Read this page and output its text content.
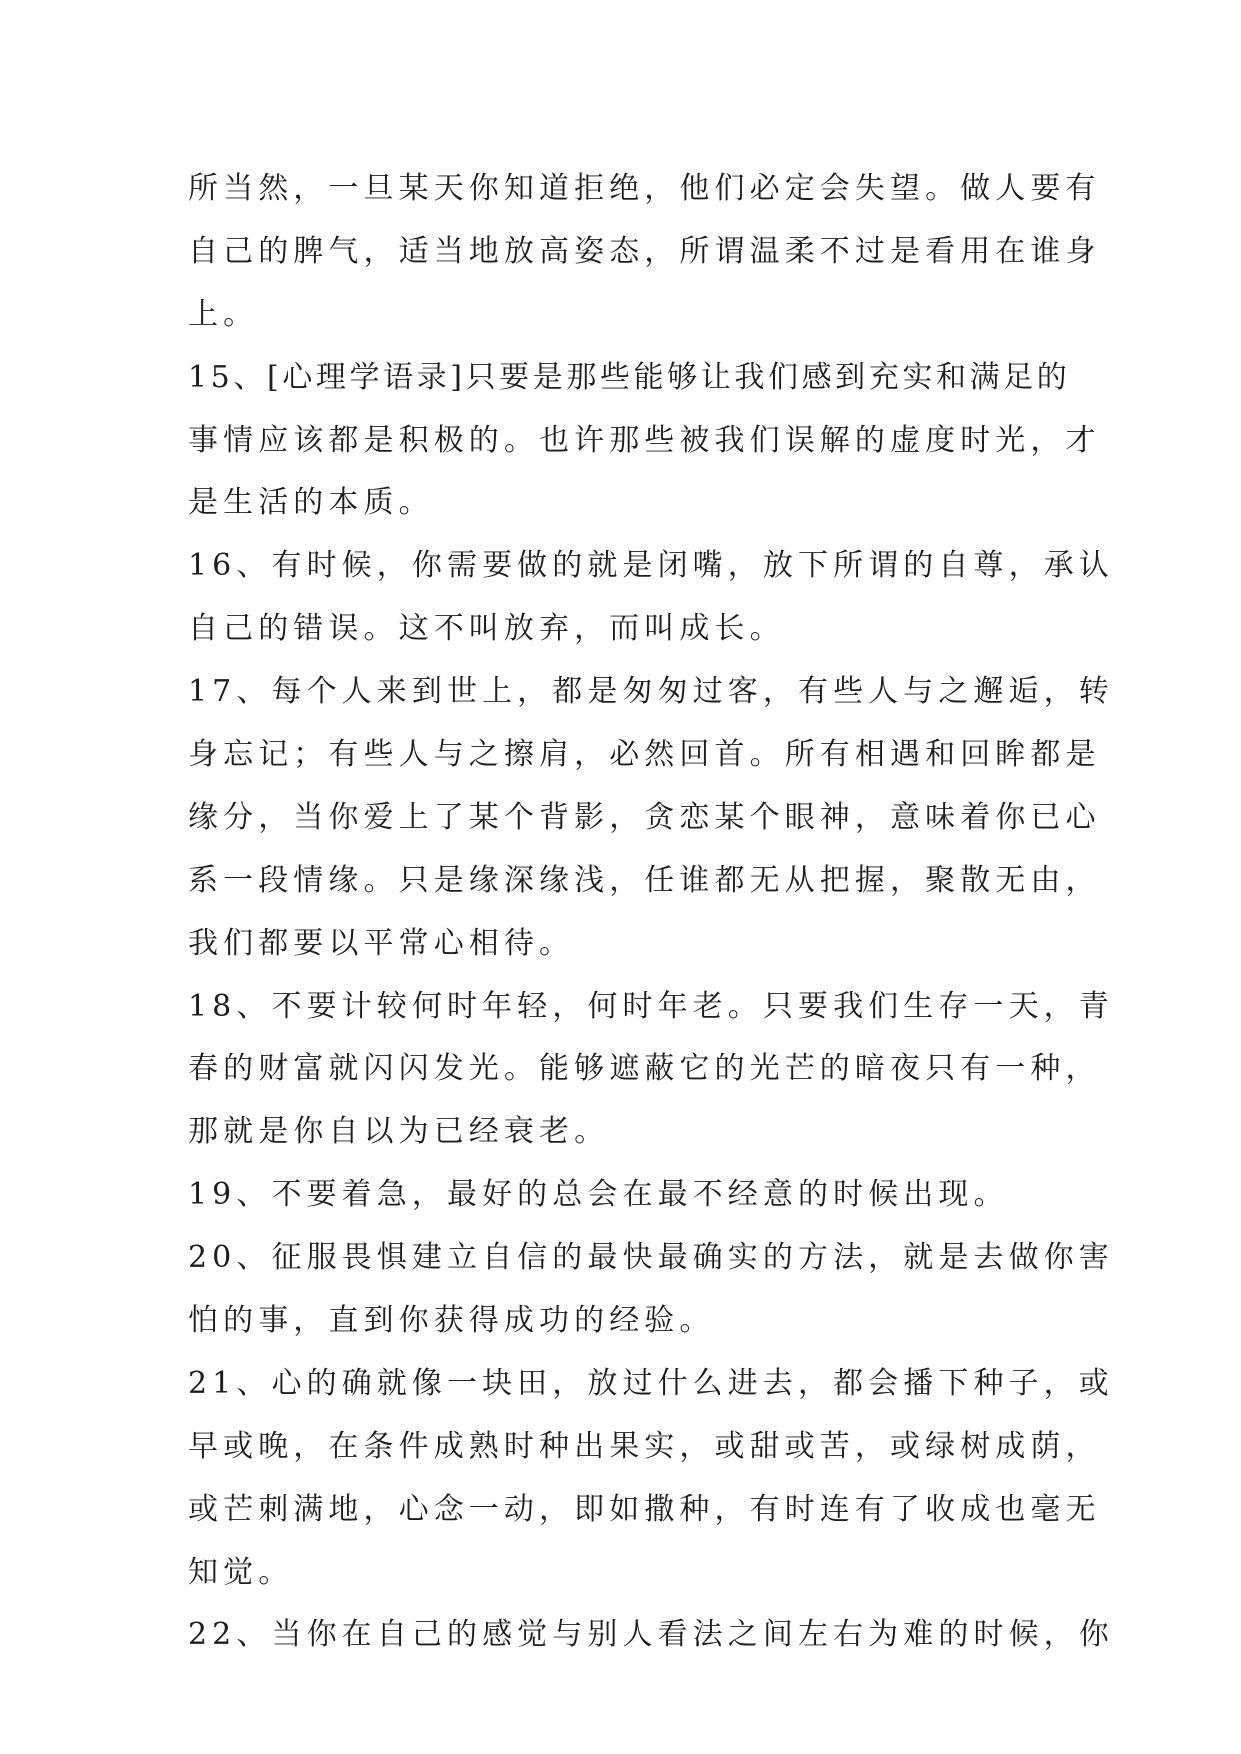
所当然，一旦某天你知道拒绝，他们必定会失望。做人要有
自己的脾气，适当地放高姿态，所谓温柔不过是看用在谁身
上。
15、[心理学语录]只要是那些能够让我们感到充实和满足的
事情应该都是积极的。也许那些被我们误解的虚度时光，才
是生活的本质。
16、有时候，你需要做的就是闭嘴，放下所谓的自尊，承认
自己的错误。这不叫放弃，而叫成长。
17、每个人来到世上，都是匆匆过客，有些人与之邂逅，转
身忘记；有些人与之擦肩，必然回首。所有相遇和回眸都是
缘分，当你爱上了某个背影，贪恋某个眼神，意味着你已心
系一段情缘。只是缘深缘浅，任谁都无从把握，聚散无由，
我们都要以平常心相待。
18、不要计较何时年轻，何时年老。只要我们生存一天，青
春的财富就闪闪发光。能够遮蔽它的光芒的暗夜只有一种，
那就是你自以为已经衰老。
19、不要着急，最好的总会在最不经意的时候出现。
20、征服畏惧建立自信的最快最确实的方法，就是去做你害
怕的事，直到你获得成功的经验。
21、心的确就像一块田，放过什么进去，都会播下种子，或
早或晚，在条件成熟时种出果实，或甜或苦，或绿树成荫，
或芒刺满地，心念一动，即如撒种，有时连有了收成也毫无
知觉。
22、当你在自己的感觉与别人看法之间左右为难的时候，你
